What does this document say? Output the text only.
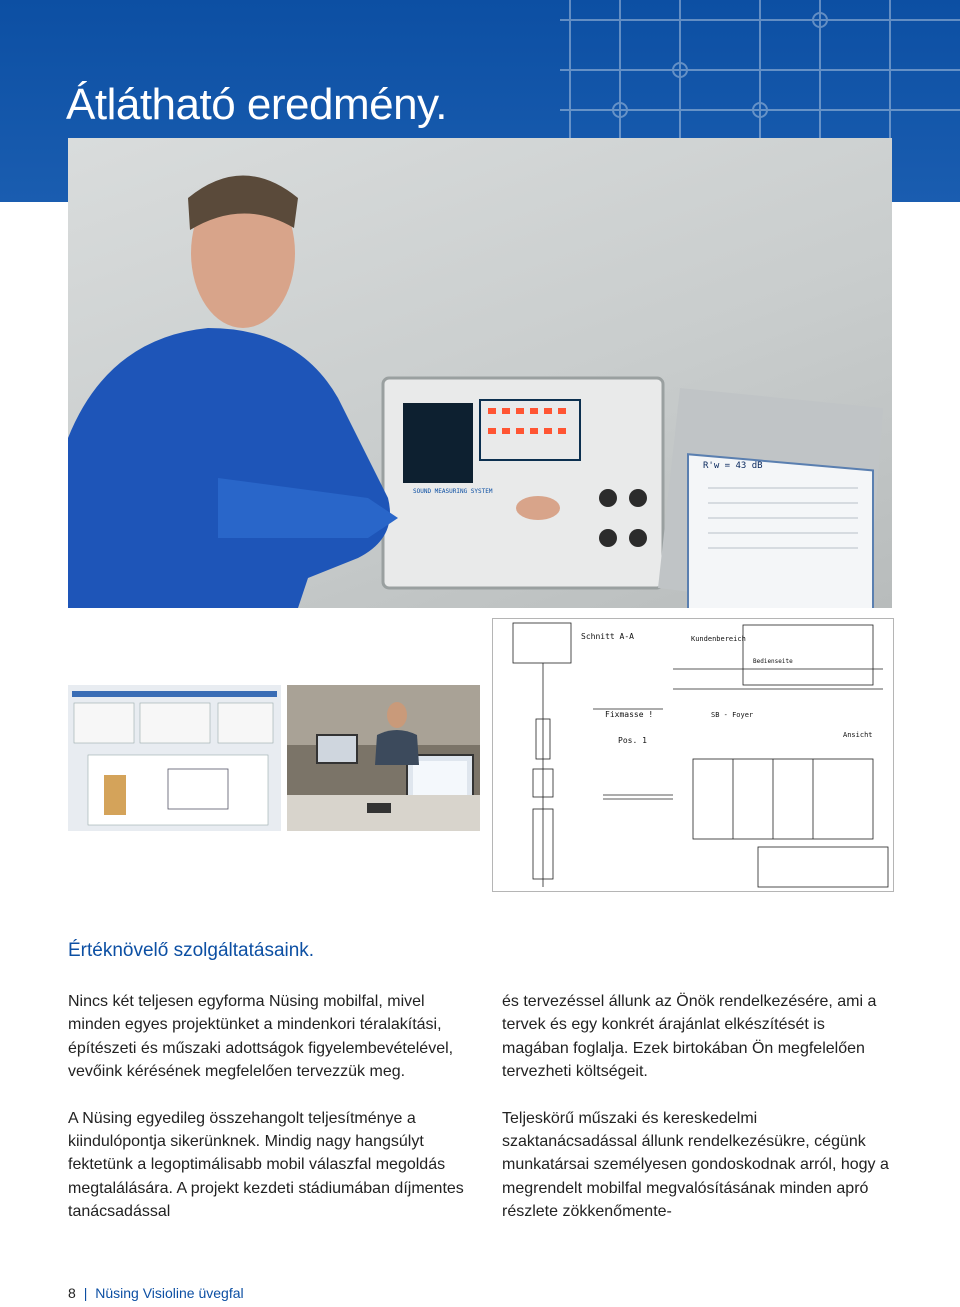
Átlátható eredmény.
SOUND MEASURING SYSTEM
R'w = 43 dB
Schnitt A-A	Kundenbereich
Bedienseite
Fixmasse !
Pos. 1
SB - Foyer
Ansicht
Értéknövelő szolgáltatásaink.

Nincs két teljesen egyforma Nüsing mobilfal, mivel minden egyes projektünket a mindenkori téralakítási, építészeti és műszaki adottságok figyelembevételével, vevőink kérésének megfelelően tervezzük meg.

A Nüsing egyedileg összehangolt teljesítménye a kiindulópontja sikerünknek. Mindig nagy hangsúlyt fektetünk a legoptimálisabb mobil válaszfal megoldás megtalálására. A projekt kezdeti stádiumában díjmentes tanácsadással

és tervezéssel állunk az Önök rendelkezésére, ami a tervek és egy konkrét árajánlat elkészítését is magában foglalja. Ezek birtokában Ön megfelelően tervezheti költségeit.

Teljeskörű műszaki és kereskedelmi szaktanácsadással állunk rendelkezésükre, cégünk munkatársai személyesen gondoskodnak arról, hogy a megrendelt mobilfal megvalósításának minden apró részlete zökkenőmente-

8 | Nüsing Visioline üvegfal
